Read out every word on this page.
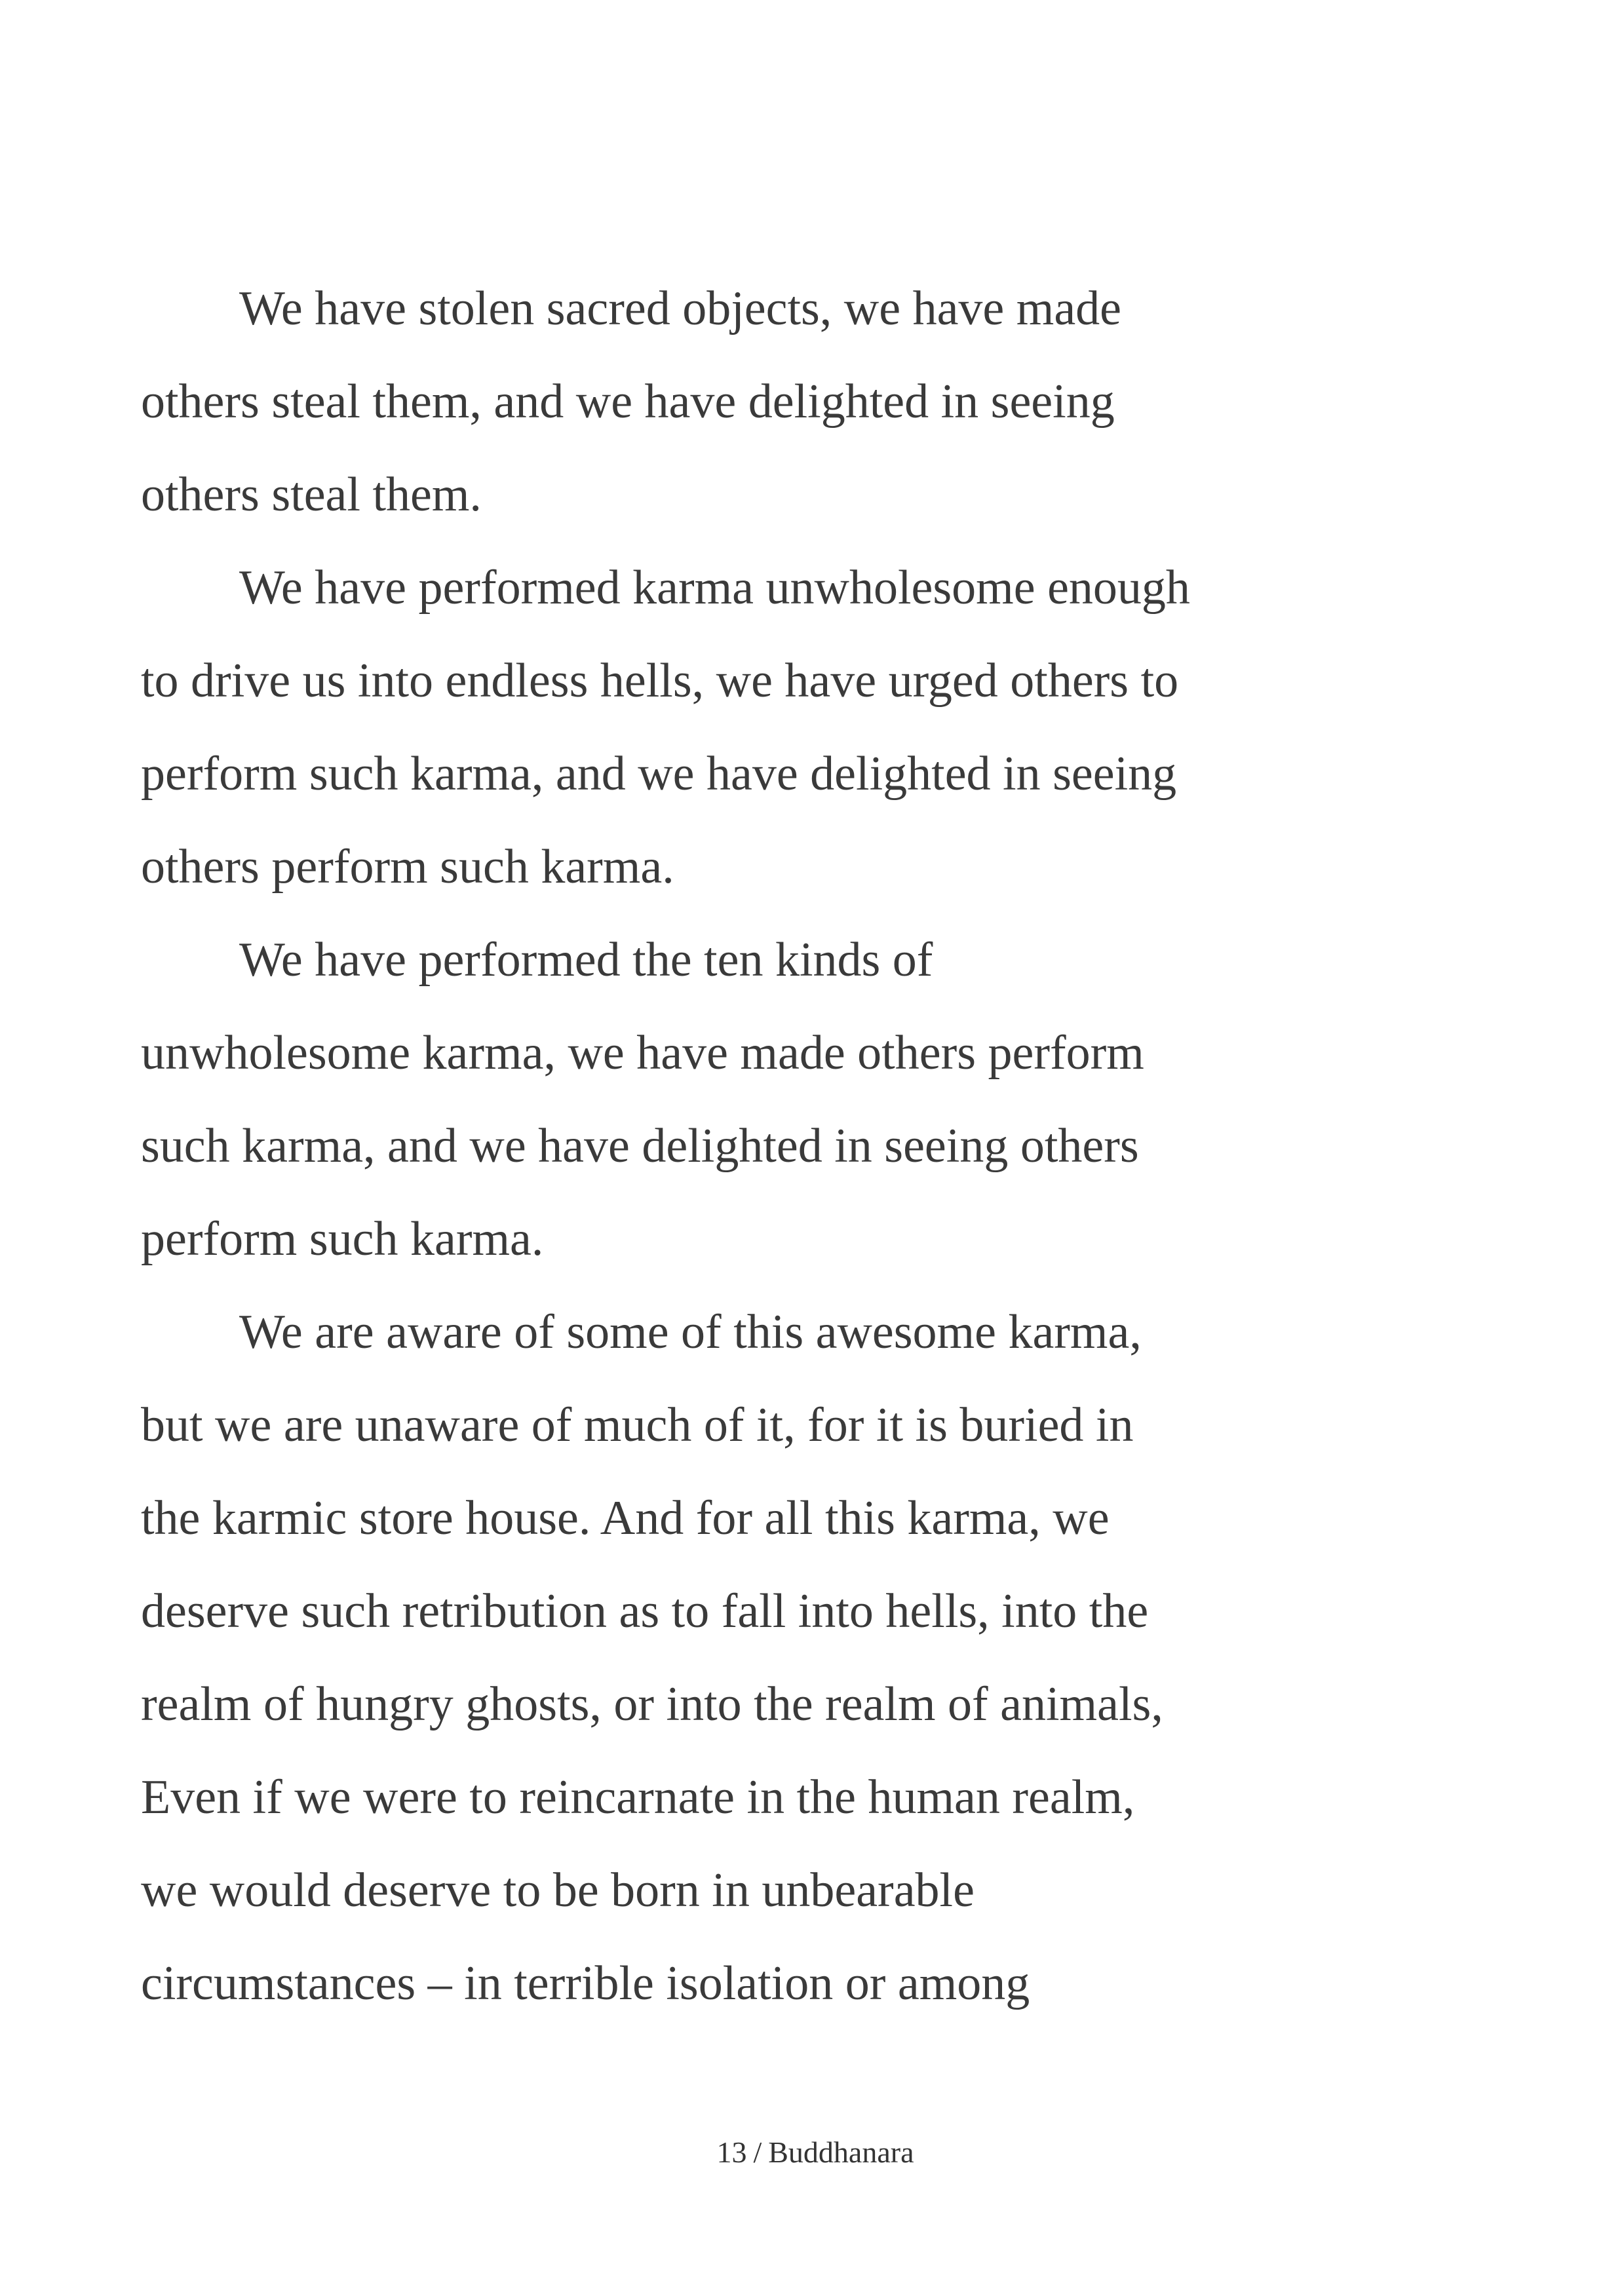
We have stolen sacred objects, we have made
others steal them, and we have delighted in seeing
others steal them.

We have performed karma unwholesome enough
to drive us into endless hells, we have urged others to
perform such karma, and we have delighted in seeing
others perform such karma.

We have performed the ten kinds of
unwholesome karma, we have made others perform
such karma, and we have delighted in seeing others
perform such karma.

We are aware of some of this awesome karma,
but we are unaware of much of it, for it is buried in
the karmic store house. And for all this karma, we
deserve such retribution as to fall into hells, into the
realm of hungry ghosts, or into the realm of animals,
Even if we were to reincarnate in the human realm,
we would deserve to be born in unbearable
circumstances – in terrible isolation or among

13 / Buddhanara
